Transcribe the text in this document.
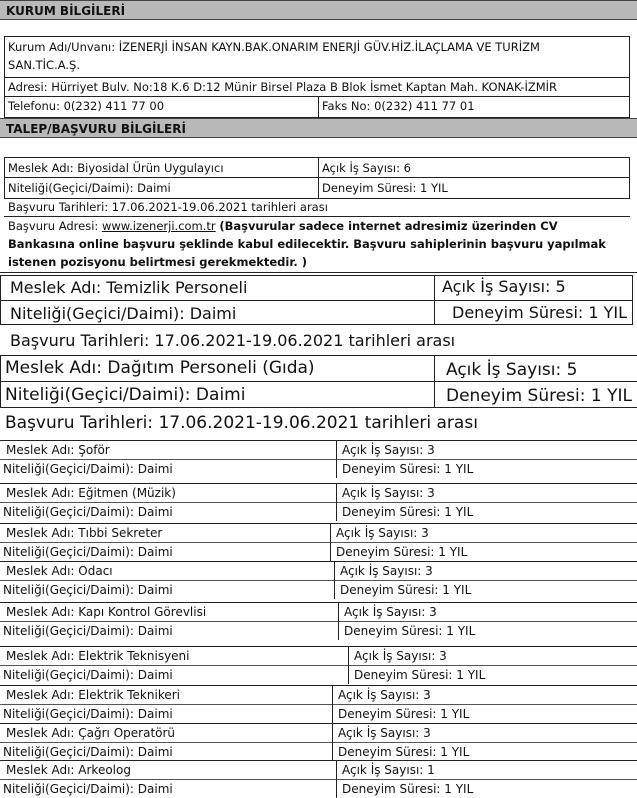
KURUM BİLGİLERİ
Kurum Adı/Unvanı: İZENERJİ İNSAN KAYN.BAK.ONARIM ENERJİ GÜV.HİZ.İLAÇLAMA VE TURİZM
SAN.TİC.A.Ş.
Adresi: Hürriyet Bulv. No:18 K.6 D:12 Münir Birsel Plaza B Blok İsmet Kaptan Mah. KONAK-İZMİR
Telefonu: 0(232) 411 77 00	Faks No: 0(232) 411 77 01
TALEP/BAŞVURU BİLGİLERİ
Meslek Adı: Biyosidal Ürün Uygulayıcı	Açık İş Sayısı: 6
Niteliği(Geçici/Daimi): Daimi	Deneyim Süresi: 1 YIL
Başvuru Tarihleri: 17.06.2021-19.06.2021 tarihleri arası
Başvuru Adresi: www.izenerji.com.tr (Başvurular sadece internet adresimiz üzerinden CV
Bankasına online başvuru şeklinde kabul edilecektir. Başvuru sahiplerinin başvuru yapılmak
istenen pozisyonu belirtmesi gerekmektedir. )
Meslek Adı: Temizlik Personeli	Açık İş Sayısı: 5
Niteliği(Geçici/Daimi): Daimi	Deneyim Süresi: 1 YIL
Başvuru Tarihleri: 17.06.2021-19.06.2021 tarihleri arası
Meslek Adı: Dağıtım Personeli (Gıda)	Açık İş Sayısı: 5
Niteliği(Geçici/Daimi): Daimi	Deneyim Süresi: 1 YIL
Başvuru Tarihleri: 17.06.2021-19.06.2021 tarihleri arası
Meslek Adı: Şoför	Açık İş Sayısı: 3
Niteliği(Geçici/Daimi): Daimi	Deneyim Süresi: 1 YIL
Meslek Adı: Eğitmen (Müzik)	Açık İş Sayısı: 3
Niteliği(Geçici/Daimi): Daimi	Deneyim Süresi: 1 YIL
Meslek Adı: Tıbbi Sekreter	Açık İş Sayısı: 3
Niteliği(Geçici/Daimi): Daimi	Deneyim Süresi: 1 YIL
Meslek Adı: Odacı	Açık İş Sayısı: 3
Niteliği(Geçici/Daimi): Daimi	Deneyim Süresi: 1 YIL
Meslek Adı: Kapı Kontrol Görevlisi	Açık İş Sayısı: 3
Niteliği(Geçici/Daimi): Daimi	Deneyim Süresi: 1 YIL
Meslek Adı: Elektrik Teknisyeni	Açık İş Sayısı: 3
Niteliği(Geçici/Daimi): Daimi	Deneyim Süresi: 1 YIL
Meslek Adı: Elektrik Teknikeri	Açık İş Sayısı: 3
Niteliği(Geçici/Daimi): Daimi	Deneyim Süresi: 1 YIL
Meslek Adı: Çağrı Operatörü	Açık İş Sayısı: 3
Niteliği(Geçici/Daimi): Daimi	Deneyim Süresi: 1 YIL
Meslek Adı: Arkeolog	Açık İş Sayısı: 1
Niteliği(Geçici/Daimi): Daimi	Deneyim Süresi: 1 YIL
